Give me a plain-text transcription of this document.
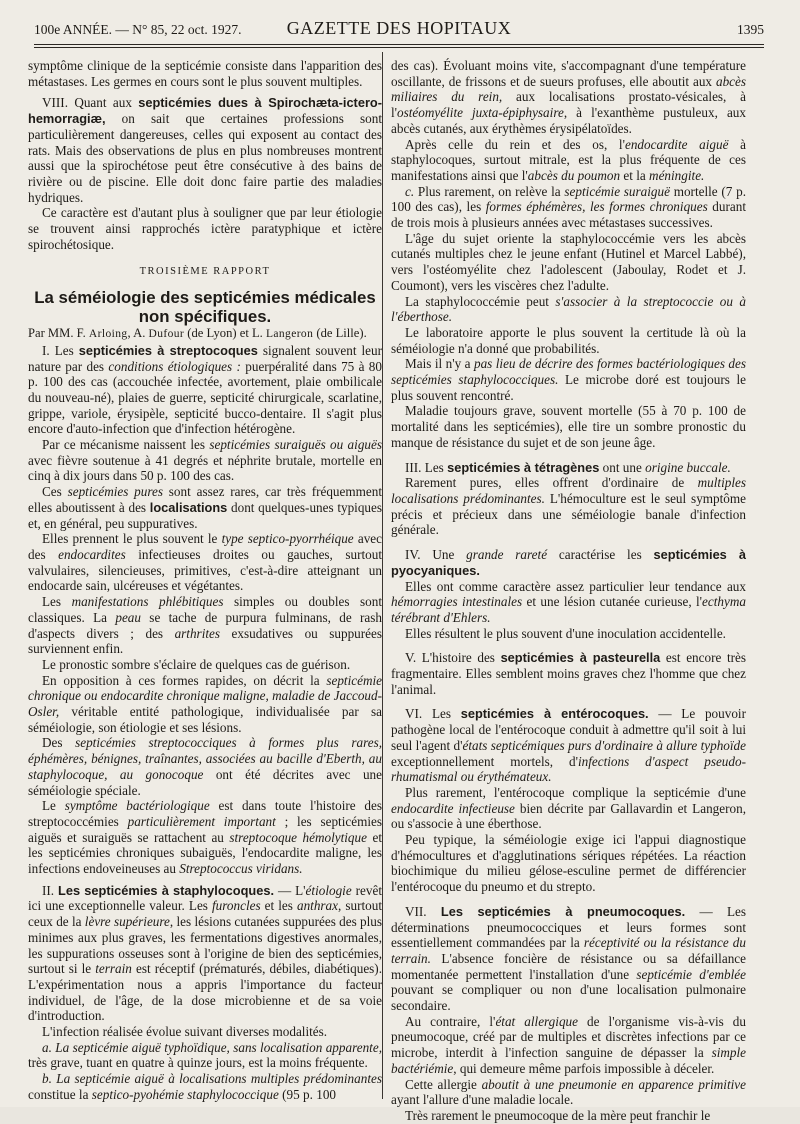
100e ANNÉE. — N° 85, 22 oct. 1927.	GAZETTE DES HOPITAUX	1395

symptôme clinique de la septicémie consiste dans l'apparition des métastases. Les germes en cours sont le plus souvent multiples.

VIII. Quant aux septicémies dues à Spirochæta-ictero-hemorragiæ, on sait que certaines professions sont particulièrement dangereuses, celles qui exposent au contact des rats. Mais des observations de plus en plus nombreuses montrent aussi que la spirochétose peut être consécutive à des bains de rivière ou de piscine. Elle doit donc faire partie des maladies hydriques.

Ce caractère est d'autant plus à souligner que par leur étiologie se trouvent ainsi rapprochés ictère paratyphique et ictère spirochétosique.

TROISIÈME RAPPORT
La séméiologie des septicémies médicales non spécifiques.

Par MM. F. Arloing, A. Dufour (de Lyon) et L. Langeron (de Lille).

I. Les septicémies à streptocoques signalent souvent leur nature par des conditions étiologiques : puerpéralité dans 75 à 80 p. 100 des cas (accouchée infectée, avortement, plaie ombilicale du nouveau-né), plaies de guerre, septicité chirurgicale, scarlatine, grippe, variole, érysipèle, septicité bucco-dentaire. Il s'agit plus encore d'auto-infection que d'infection hétérogène.

Par ce mécanisme naissent les septicémies suraiguës ou aiguës avec fièvre soutenue à 41 degrés et néphrite brutale, mortelle en cinq à dix jours dans 50 p. 100 des cas.

Ces septicémies pures sont assez rares, car très fréquemment elles aboutissent à des localisations dont quelques-unes typiques et, en général, peu suppuratives.

Elles prennent le plus souvent le type septico-pyorrhéique avec des endocardites infectieuses droites ou gauches, surtout valvulaires, silencieuses, primitives, c'est-à-dire atteignant un endocarde sain, ulcéreuses et végétantes.

Les manifestations phlébitiques simples ou doubles sont classiques. La peau se tache de purpura fulminans, de rash d'aspects divers ; des arthrites exsudatives ou suppurées surviennent enfin.

Le pronostic sombre s'éclaire de quelques cas de guérison.

En opposition à ces formes rapides, on décrit la septicémie chronique ou endocardite chronique maligne, maladie de Jaccoud-Osler, véritable entité pathologique, individualisée par sa séméiologie, son étiologie et ses lésions.

Des septicémies streptococciques à formes plus rares, éphémères, bénignes, traînantes, associées au bacille d'Eberth, au staphylocoque, au gonocoque ont été décrites avec une séméiologie spéciale.

Le symptôme bactériologique est dans toute l'histoire des streptococcémies particulièrement important ; les septicémies aiguës et suraiguës se rattachent au streptocoque hémolytique et les septicémies chroniques subaiguës, l'endocardite maligne, les infections endoveineuses au Streptococcus viridans.

II. Les septicémies à staphylocoques. — L'étiologie revêt ici une exceptionnelle valeur. Les furoncles et les anthrax, surtout ceux de la lèvre supérieure, les lésions cutanées suppurées des plus minimes aux plus graves, les fermentations digestives anormales, les suppurations osseuses sont à l'origine de bien des septicémies, surtout si le terrain est réceptif (prématurés, débiles, diabétiques). L'expérimentation nous a appris l'importance du facteur individuel, de l'âge, de la dose microbienne et de sa voie d'introduction.

L'infection réalisée évolue suivant diverses modalités.

a. La septicémie aiguë typhoïdique, sans localisation apparente, très grave, tuant en quatre à quinze jours, est la moins fréquente.

b. La septicémie aiguë à localisations multiples prédominantes constitue la septico-pyohémie staphylococcique (95 p. 100

des cas). Évoluant moins vite, s'accompagnant d'une température oscillante, de frissons et de sueurs profuses, elle aboutit aux abcès miliaires du rein, aux localisations prostato-vésicales, à l'ostéomyélite juxta-épiphysaire, à l'exanthème pustuleux, aux abcès cutanés, aux érythèmes érysipélatoïdes.

Après celle du rein et des os, l'endocardite aiguë à staphylocoques, surtout mitrale, est la plus fréquente de ces manifestations ainsi que l'abcès du poumon et la méningite.

c. Plus rarement, on relève la septicémie suraiguë mortelle (7 p. 100 des cas), les formes éphémères, les formes chroniques durant de trois mois à plusieurs années avec métastases successives.

L'âge du sujet oriente la staphylococcémie vers les abcès cutanés multiples chez le jeune enfant (Hutinel et Marcel Labbé), vers l'ostéomyélite chez l'adolescent (Jaboulay, Rodet et J. Coumont), vers les viscères chez l'adulte.

La staphylococcémie peut s'associer à la streptococcie ou à l'éberthose.

Le laboratoire apporte le plus souvent la certitude là où la séméiologie n'a donné que probabilités.

Mais il n'y a pas lieu de décrire des formes bactériologiques des septicémies staphylococciques. Le microbe doré est toujours le plus souvent rencontré.

Maladie toujours grave, souvent mortelle (55 à 70 p. 100 de mortalité dans les septicémies), elle tire un sombre pronostic du manque de résistance du sujet et de son jeune âge.

III. Les septicémies à tétragènes ont une origine buccale.

Rarement pures, elles offrent d'ordinaire de multiples localisations prédominantes. L'hémoculture est le seul symptôme précis et précieux dans une séméiologie banale d'infection générale.

IV. Une grande rareté caractérise les septicémies à pyocyaniques.

Elles ont comme caractère assez particulier leur tendance aux hémorragies intestinales et une lésion cutanée curieuse, l'ecthyma térébrant d'Ehlers.

Elles résultent le plus souvent d'une inoculation accidentelle.

V. L'histoire des septicémies à pasteurella est encore très fragmentaire. Elles semblent moins graves chez l'homme que chez l'animal.

VI. Les septicémies à entérocoques. — Le pouvoir pathogène local de l'entérocoque conduit à admettre qu'il soit à lui seul l'agent d'états septicémiques purs d'ordinaire à allure typhoïde exceptionnellement mortels, d'infections d'aspect pseudo-rhumatismal ou érythémateux.

Plus rarement, l'entérocoque complique la septicémie d'une endocardite infectieuse bien décrite par Gallavardin et Langeron, ou s'associe à une éberthose.

Peu typique, la séméiologie exige ici l'appui diagnostique d'hémocultures et d'agglutinations sériques répétées. La réaction biochimique du milieu gélose-esculine permet de différencier l'entérocoque du pneumo et du strepto.

VII. Les septicémies à pneumocoques. — Les déterminations pneumococciques et leurs formes sont essentiellement commandées par la réceptivité ou la résistance du terrain. L'absence foncière de résistance ou sa défaillance momentanée permettent l'installation d'une septicémie d'emblée pouvant se compliquer ou non d'une localisation pulmonaire secondaire.

Au contraire, l'état allergique de l'organisme vis-à-vis du pneumocoque, créé par de multiples et discrètes infections par ce microbe, interdit à l'infection sanguine de dépasser la simple bactériémie, qui demeure même parfois impossible à déceler.

Cette allergie aboutit à une pneumonie en apparence primitive ayant l'allure d'une maladie locale.

Très rarement le pneumocoque de la mère peut franchir le
